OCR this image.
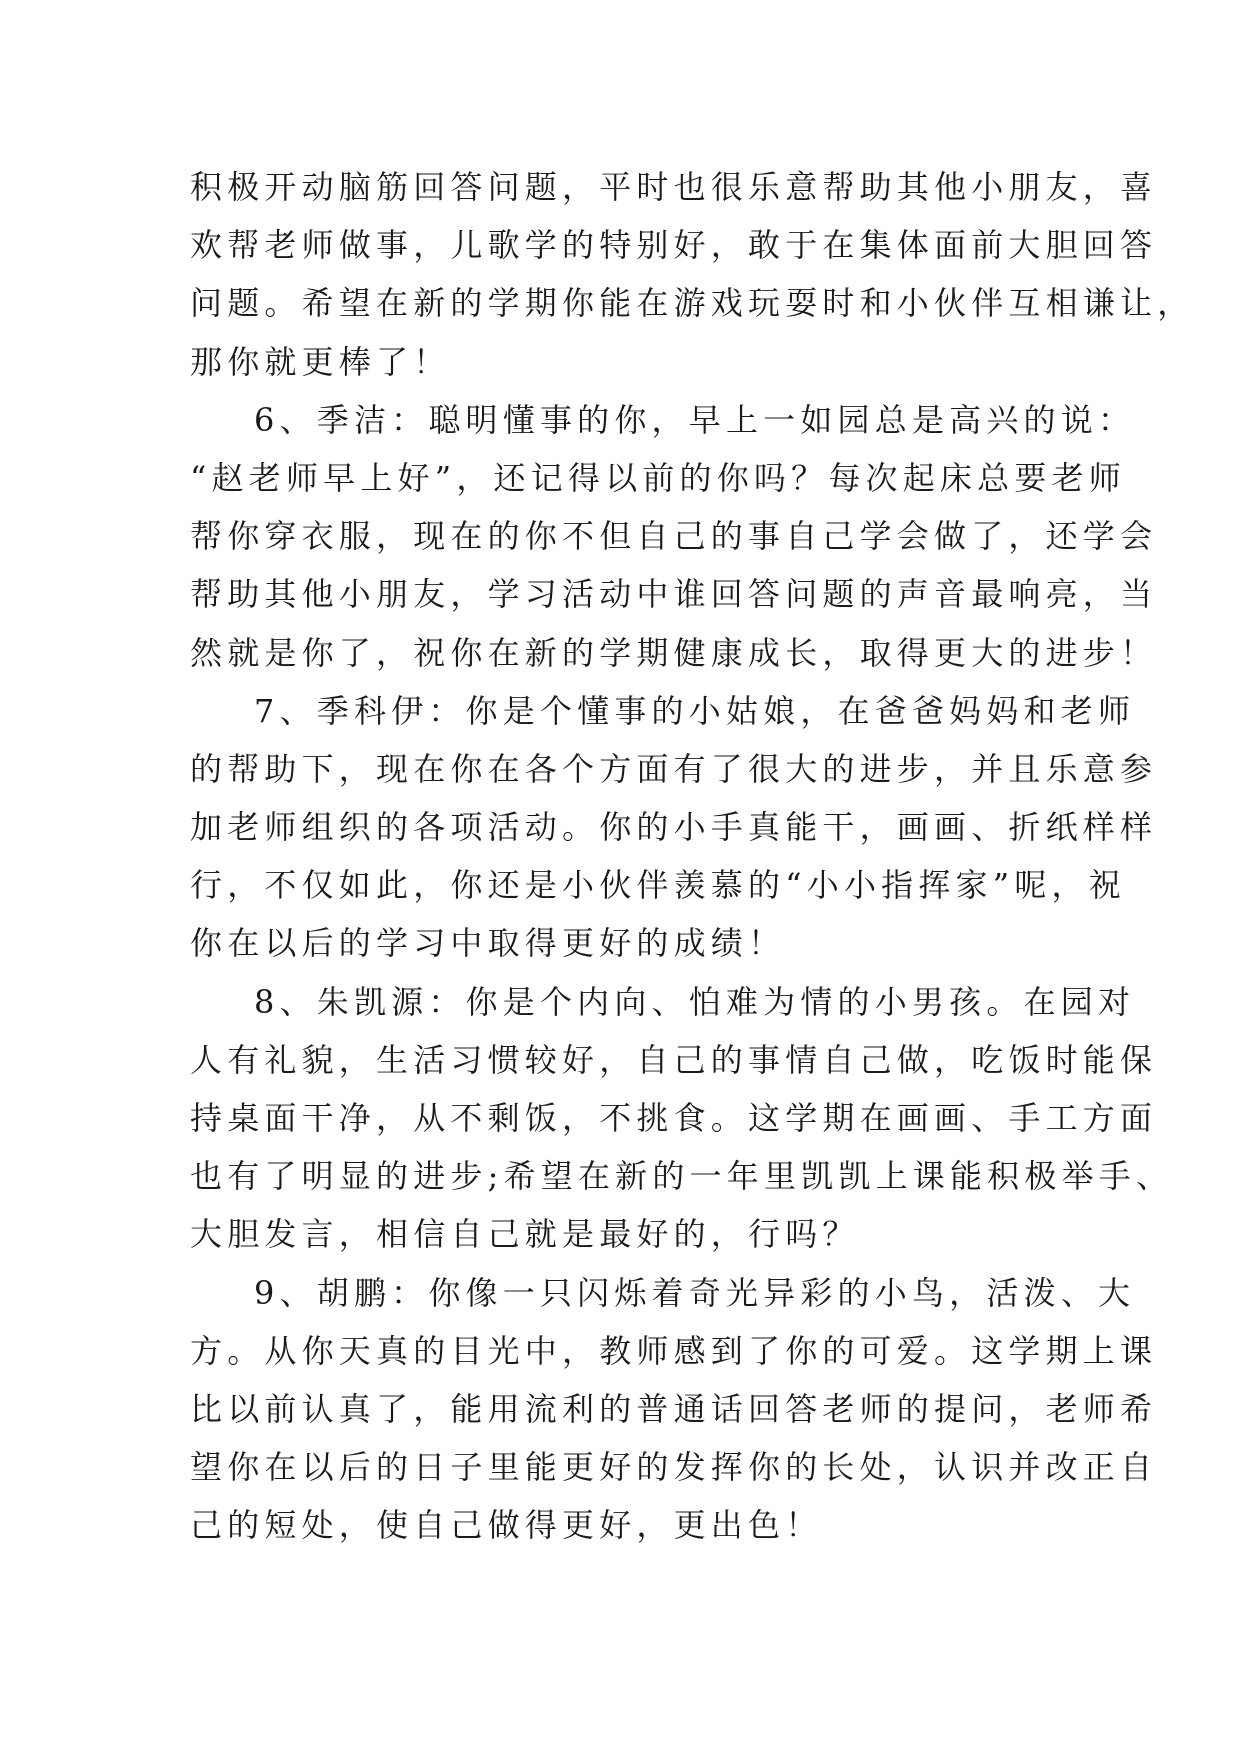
积极开动脑筋回答问题，平时也很乐意帮助其他小朋友，喜
欢帮老师做事，儿歌学的特别好，敢于在集体面前大胆回答
问题。希望在新的学期你能在游戏玩耍时和小伙伴互相谦让，
那你就更棒了！
6、季洁：聪明懂事的你，早上一如园总是高兴的说：
“赵老师早上好”，还记得以前的你吗？每次起床总要老师
帮你穿衣服，现在的你不但自己的事自己学会做了，还学会
帮助其他小朋友，学习活动中谁回答问题的声音最响亮，当
然就是你了，祝你在新的学期健康成长，取得更大的进步！
7、季科伊：你是个懂事的小姑娘，在爸爸妈妈和老师
的帮助下，现在你在各个方面有了很大的进步，并且乐意参
加老师组织的各项活动。你的小手真能干，画画、折纸样样
行，不仅如此，你还是小伙伴羡慕的“小小指挥家”呢，祝
你在以后的学习中取得更好的成绩！
8、朱凯源：你是个内向、怕难为情的小男孩。在园对
人有礼貌，生活习惯较好，自己的事情自己做，吃饭时能保
持桌面干净，从不剩饭，不挑食。这学期在画画、手工方面
也有了明显的进步;希望在新的一年里凯凯上课能积极举手、
大胆发言，相信自己就是最好的，行吗？
9、胡鹏：你像一只闪烁着奇光异彩的小鸟，活泼、大
方。从你天真的目光中，教师感到了你的可爱。这学期上课
比以前认真了，能用流利的普通话回答老师的提问，老师希
望你在以后的日子里能更好的发挥你的长处，认识并改正自
己的短处，使自己做得更好，更出色！
